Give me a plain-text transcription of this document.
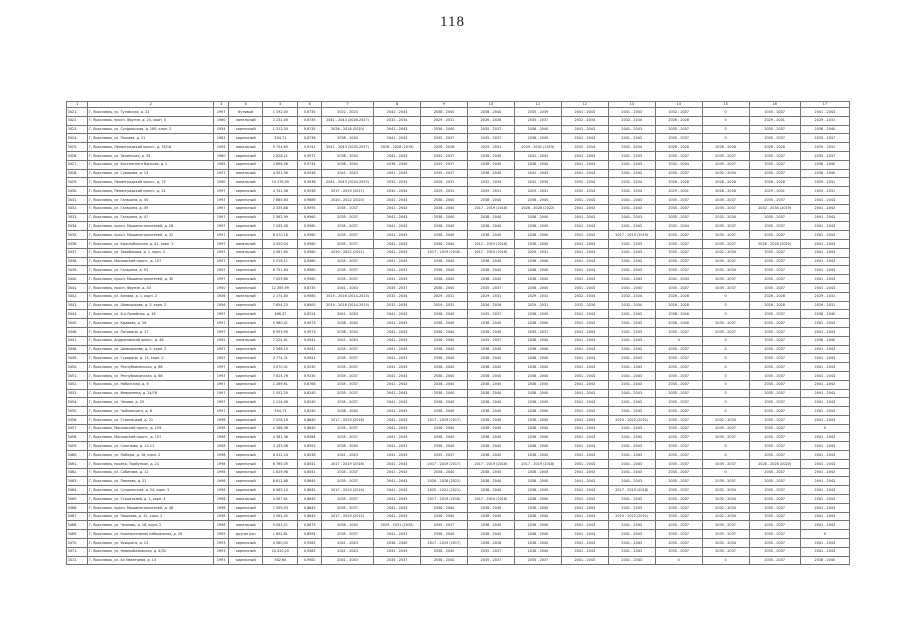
118
1	2	3	4	5	6	7	8	9	10	11	12	13	14	15	16	17
3421.	Г. Ярославль, ул. Туговская, д. 21	1997	бутовый	1 192,00	0,6735	2022 - 2023	2041 - 2043	2038 - 2040	2038 - 2040	2035 - 2039	2041 - 2043	2041 - 2043	2032 - 2037	0	2035 - 2037	2041 - 2043
3422.	Г. Ярославль, просп. Фрунзе, д. 24, корп. 3	1960	панельный	2 232,40	0,6735	2041 - 2043 (2026-2027)	2032 - 2034	2029 - 2031	2026 - 2028	2035 - 2037	2032 - 2034	2032 - 2034	2026 - 2028	0	2029 - 2031	2029 - 2031
3423.	Г. Ярославль, ул. Суздальская, д. 180, корп. 2	1934	кирпичный	1 312,00	0,6735	2026 - 2028 (2020)	2041 - 2043	2038 - 2040	2035 - 2037	2038 - 2040	2041 - 2043	2041 - 2043	2035 - 2037	0	2035 - 2037	2038 - 2040
3424.	Г. Ярославль, ул. Пожова, д. 21	1963	кирпичный	554,71	0,8736	2038 - 2040	2041 - 2043	2035 - 2037	2035 - 2037	2038 - 2040	2041 - 2043	2041 - 2043	2035 - 2037	0	2035 - 2037	2035 - 2037
3425.	Г. Ярославль, Ленинградский просп., д. 55/18	1995	панельный	9 754,60	0,9741	2041 - 2043 (2035-2037)	2026 - 2028 (2019)	2026 - 2028	2029 - 2031	2029 - 2031 (2019)	2032 - 2034	2032 - 2034	2026 - 2028	2026 - 2028	2026 - 2028	2029 - 2031
3426.	Г. Ярославль, ул. Зелинская, д. 35	1960	кирпичный	2 628,21	0,9572	2038 - 2040	2041 - 2043	2035 - 2037	2038 - 2040	2041 - 2043	2041 - 2043	2041 - 2043	2035 - 2037	2035 - 2037	2035 - 2037	2035 - 2037
3427.	Г. Ярославль, ул. Костанского Вансово, д. 2	1965	кирпичный	3 896,56	0,9734	2038 - 2040	2038 - 2040	2035 - 2037	2038 - 2040	2038 - 2040	2041 - 2043	2041 - 2043	2032 - 2034	2035 - 2037	2035 - 2037	2038 - 2040
3428.	Г. Ярославль, ул. Суворова, д. 13	1957	панельный	4 551,96	0,9536	2041 - 2043	2041 - 2043	2035 - 2037	2038 - 2040	2041 - 2043	2041 - 2043	2041 - 2043	2035 - 2037	2032 - 2034	2035 - 2037	2038 - 2040
3429.	Г. Ярославль, Ленинградский просп., д. 72	1990	панельный	14 376,90	0,9536	2041 - 2043 (2024-2025)	2032 - 2034	2029 - 2031	2032 - 2034	2032 - 2034	2032 - 2034	2032 - 2034	2026 - 2028	2026 - 2028	2026 - 2028	2029 - 2031
3430.	Г. Ярославль, Ленинградский просп., д. 21	1997	кирпичный	4 741,56	0,9538	2017 - 2019 (2017)	2032 - 2034	2029 - 2031	2029 - 2031	2029 - 2031	2032 - 2034	2032 - 2034	2029 - 2031	2026 - 2028	2029 - 2031	2029 - 2031
3431.	Г. Ярославль, ул. Гагарина, д. 45	1997	кирпичный	7 665,64	0,9886	2020 - 2022 (2020)	2041 - 2043	2038 - 2040	2038 - 2040	2038 - 2040	2041 - 2043	2041 - 2043	2035 - 2037	2035 - 2037	2035 - 2037	2041 - 2043
3432.	Г. Ярославль, ул. Гагарина, д. 49	1997	кирпичный	2 335,88	0,9595	2035 - 2037	2041 - 2043	2038 - 2040	2017 - 2019 (2018)	2026 - 2028 (2022)	2041 - 2043	2041 - 2043	2035 - 2037	2035 - 2037	2032 - 2034 (2019)	2041 - 2043
3433.	Г. Ярославль, ул. Гагарина, д. 47	1997	кирпичный	2 582,99	0,9560	2035 - 2037	2041 - 2043	2038 - 2040	2038 - 2040	2038 - 2040	2041 - 2043	2041 - 2043	2035 - 2037	2032 - 2034	2035 - 2037	2041 - 2043
3434.	Г. Ярославль, просп. Машиностроителей, д. 26	1997	кирпичный	7 035,48	0,9560	2035 - 2037	2041 - 2043	2038 - 2040	2038 - 2040	2038 - 2040	2041 - 2043	2041 - 2043	2032 - 2034	2035 - 2037	2035 - 2037	2041 - 2043
3435.	Г. Ярославль, просп. Машиностроителей, д. 32	1997	кирпичный	8 470,18	0,9560	2035 - 2037	2041 - 2043	2038 - 2040	2038 - 2040	2038 - 2040	2041 - 2043	2017 - 2019 (2019)	2035 - 2037	2035 - 2037	2035 - 2037	2041 - 2043
3436.	Г. Ярославль, ул. Красноборская, д. 41, корп. 2	1997	панельный	3 920,04	0,9560	2035 - 2037	2041 - 2043	2038 - 2040	2017 - 2019 (2018)	2038 - 2040	2041 - 2043	2041 - 2043	2035 - 2037	2035 - 2037	2026 - 2028 (2020)	2041 - 2043
3437.	Г. Ярославль, ул. Закабакова, д. 1, корп. 2	1997	панельный	3 467,80	0,9560	2020 - 2022 (2021)	2041 - 2043	2017 - 2019 (2018)	2017 - 2019 (2018)	2029 - 2031	2041 - 2043	2041 - 2043	2035 - 2037	2032 - 2034	2035 - 2037	2041 - 2043
3438.	Г. Ярославль, Московский просп., д. 157	1997	кирпичный	5 516,11	0,9560	2035 - 2037	2041 - 2043	2038 - 2040	2038 - 2040	2038 - 2040	2041 - 2043	2041 - 2043	2035 - 2037	2035 - 2037	2035 - 2037	2041 - 2043
3439.	Г. Ярославль, ул. Гагарина, д. 53	1997	кирпичный	6 751,84	0,9560	2035 - 2037	2041 - 2043	2038 - 2040	2038 - 2040	2038 - 2040	2041 - 2043	2041 - 2043	2035 - 2037	2032 - 2034	2035 - 2037	2041 - 2043
3440.	Г. Ярославль, просп. Машиностроителей, д. 30	1997	кирпичный	7 029,80	0,9560	2035 - 2037	2041 - 2043	2038 - 2040	2038 - 2040	2038 - 2040	2041 - 2043	2041 - 2043	2032 - 2034	2035 - 2037	2035 - 2037	2041 - 2043
3441.	Г. Ярославль, просп. Фрунзе, д. 43	1950	кирпичный	11 265,99	0,8735	2041 - 2043	2035 - 2037	2038 - 2040	2035 - 2037	2038 - 2040	2041 - 2043	2041 - 2043	2035 - 2037	2035 - 2037	2035 - 2037	2041 - 2043
3442.	Г. Ярославль, ул. Белова, д. 1, корп. 2	1956	панельный	2 174,80	0,9580	2014 - 2016 (2014-2015)	2032 - 2034	2029 - 2031	2029 - 2031	2029 - 2031	2032 - 2034	2032 - 2034	2026 - 2028	0	2026 - 2028	2029 - 2031
3443.	Г. Ярославль, ул. Шевкоркова, д. 3, корп. 2	1956	кирпичный	7 654,23	0,8400	2014 - 2016 (2014-2015)	2032 - 2034	2029 - 2031	2026 - 2028	2029 - 2031	2032 - 2034	2032 - 2034	2026 - 2028	0	2026 - 2028	2029 - 2031
3444.	Г. Ярославль, ул. 8-я Линейная, д. 18	1997	кирпичный	466,37	0,8224	2041 - 2043	2041 - 2043	2038 - 2040	2035 - 2037	2038 - 2040	2041 - 2043	2041 - 2043	2038 - 2040	0	2035 - 2037	2038 - 2040
3445.	Г. Ярославль, ул. Кривова, д. 26	1997	кирпичный	5 980,41	0,9573	2038 - 2040	2041 - 2043	2038 - 2040	2038 - 2040	2038 - 2040	2041 - 2043	2041 - 2043	2038 - 2040	2035 - 2037	2035 - 2037	2041 - 2043
3446.	Г. Ярославль, ул. Погорина, д. 27	1997	кирпичный	6 953,90	0,9573	2038 - 2040	2041 - 2043	2038 - 2040	2038 - 2040	2035 - 2037	2041 - 2043	2041 - 2043	2035 - 2037	2035 - 2037	2035 - 2037	2041 - 2043
3447.	Г. Ярославль, Андроповский просп., д. 48	1992	панельный	7 224,61	0,9541	2041 - 2043	2041 - 2043	2038 - 2040	2035 - 2037	2038 - 2040	2041 - 2043	2041 - 2043	0	0	2035 - 2037	2038 - 2040
3448.	Г. Ярославль, ул. Шевкоркова, д. 5, корп. 2	1997	кирпичный	2 548,10	0,9541	2035 - 2037	2041 - 2043	2038 - 2040	2038 - 2040	2038 - 2040	2041 - 2043	2041 - 2043	2035 - 2037	0	2035 - 2037	2041 - 2043
3449.	Г. Ярославль, ул. Гударина, д. 15, корп. 2	1997	кирпичный	3 774,31	0,9541	2035 - 2037	2041 - 2043	2038 - 2040	2038 - 2040	2038 - 2040	2041 - 2043	2041 - 2043	2035 - 2037	0	2035 - 2037	2041 - 2043
3450.	Г. Ярославль, ул. Республиканская, д. 66	1997	кирпичный	3 070,31	0,9230	2035 - 2037	2041 - 2043	2038 - 2040	2038 - 2040	2038 - 2040	2041 - 2043	2041 - 2043	2035 - 2037	0	2035 - 2037	2041 - 2043
3451.	Г. Ярославль, ул. Республиканская, д. 68	1997	кирпичный	7 814,76	0,9230	2035 - 2037	2041 - 2043	2038 - 2040	2038 - 2040	2038 - 2040	2041 - 2043	2041 - 2043	2035 - 2037	0	2035 - 2037	2041 - 2043
3452.	Г. Ярославль, ул. Нобкичная, д. 6	1997	кирпичный	1 289,61	0,8768	2035 - 2037	2041 - 2043	2038 - 2040	2038 - 2040	2038 - 2040	2041 - 2043	2041 - 2043	2035 - 2037	0	2035 - 2037	2041 - 2043
3453.	Г. Ярославль, ул. Февраленд, д. 24/76	1997	кирпичный	1 052,20	0,8240	2035 - 2037	2041 - 2043	2038 - 2040	2038 - 2040	2038 - 2040	2041 - 2043	2041 - 2043	2035 - 2037	0	2035 - 2037	2041 - 2043
3454.	Г. Ярославль, ул. Чехова, д. 25	1997	кирпичный	2 214,08	0,8240	2035 - 2037	2041 - 2043	2038 - 2040	2038 - 2040	2038 - 2040	2041 - 2043	2041 - 2043	2035 - 2037	0	2035 - 2037	2041 - 2043
3455.	Г. Ярославль, ул. Чайковского, д. 8	1997	кирпичный	554,71	0,8240	2038 - 2040	2041 - 2043	2038 - 2040	2038 - 2040	2038 - 2040	2041 - 2043	2041 - 2043	2035 - 2037	0	2035 - 2037	2041 - 2043
3456.	Г. Ярославль, ул. Стрелецкий, д. 21	1998	кирпичный	7 028,16	0,8640	2017 - 2019 (2018)	2041 - 2043	2017 - 2019 (2017)	2038 - 2040	2038 - 2040	2041 - 2043	2020 - 2022 (2021)	2035 - 2037	2032 - 2034	2035 - 2037	2041 - 2043
3457.	Г. Ярославль, Московский просп., д. 159	1998	кирпичный	4 268,38	0,8640	2035 - 2037	2041 - 2043	2038 - 2040	2038 - 2040	2038 - 2040	2041 - 2043	2041 - 2043	2035 - 2037	2035 - 2037	2035 - 2037	0
3458.	Г. Ярославль, Московский просп., д. 157	1998	кирпичный	4 381,38	0,8584	2035 - 2037	2041 - 2043	2038 - 2040	2038 - 2040	2038 - 2040	2041 - 2043	2041 - 2043	2035 - 2037	2035 - 2037	2035 - 2037	2041 - 2043
3459.	Г. Ярославль, ул. Слеплова, д. 13-11	1998	кирпичный	3 133,08	0,8552	2038 - 2040	2041 - 2043	2038 - 2040	2038 - 2040	2038 - 2040	2041 - 2043	2041 - 2043	2035 - 2037	0	2035 - 2037	2041 - 2043
3460.	Г. Ярославль, ул. Победы, д. 16, корп. 2	1998	кирпичный	6 412,24	0,8538	2041 - 2043	2041 - 2043	2035 - 2037	2038 - 2040	2038 - 2040	2041 - 2043	2041 - 2043	2035 - 2037	0	2035 - 2037	2041 - 2043
3461.	Г. Ярославль, проезд. Тадбункан, д. 21	1998	кирпичный	6 765,05	0,8541	2017 - 2019 (2018)	2041 - 2043	2017 - 2019 (2017)	2017 - 2019 (2018)	2017 - 2019 (2018)	2041 - 2043	2041 - 2043	2035 - 2037	2035 - 2037	2026 - 2028 (2020)	2041 - 2043
3462.	Г. Ярославль, ул. Собинова, д. 12	1998	кирпичный	1 629,98	0,8541	2035 - 2037	2041 - 2043	2038 - 2040	2038 - 2040	2038 - 2040	2041 - 2043	2041 - 2043	2035 - 2037	0	2035 - 2037	2041 - 2043
3463.	Г. Ярославль, ул. Павлова, д. 21	1998	кирпичный	8 612,88	0,8645	2035 - 2037	2041 - 2043	2026 - 2028 (2022)	2038 - 2040	2038 - 2040	2041 - 2043	2041 - 2043	2035 - 2037	2035 - 2037	2035 - 2037	2041 - 2043
3464.	Г. Ярославль, ул. Суздальская, д. 24, корп. 3	1998	кирпичный	8 985,10	0,8645	2017 - 2019 (2019)	2041 - 2043	2020 - 2022 (2021)	2038 - 2040	2038 - 2040	2041 - 2043	2017 - 2019 (2018)	2035 - 2037	2032 - 2034	2035 - 2037	2041 - 2043
3465.	Г. Ярославль, ул. Строителей, д. 1, корп. 4	1998	панельный	4 067,61	0,8645	2035 - 2037	2041 - 2043	2017 - 2019 (2018)	2017 - 2019 (2018)	2038 - 2040	2041 - 2043	2041 - 2043	2035 - 2037	2032 - 2034	2035 - 2037	2041 - 2043
3466.	Г. Ярославль, просп. Машиностроителей, д. 48	1998	кирпичный	7 559,53	0,8645	2035 - 2037	2041 - 2043	2038 - 2040	2038 - 2040	2038 - 2040	2041 - 2043	2041 - 2043	2035 - 2037	2032 - 2034	2035 - 2037	2041 - 2043
3467.	Г. Ярославль, ул. Пашкова, д. 12, корп. 2	1998	кирпичный	3 062,45	0,8645	2017 - 2019 (2015)	2041 - 2043	2038 - 2040	2038 - 2040	2038 - 2040	2041 - 2043	2020 - 2022 (2021)	2035 - 2037	2032 - 2034	2035 - 2037	2041 - 2043
3468.	Г. Ярославль, ул. Чкалова, д. 16, корп. 2	1998	панельный	9 043,21	0,8675	2038 - 2040	2029 - 2031 (2030)	2035 - 2037	2038 - 2040	2038 - 2040	2041 - 2043	2041 - 2043	2035 - 2037	2035 - 2037	2035 - 2037	2041 - 2043
3469.	Г. Ярославль, ул. Кооперативная набережная, д. 26	1999	другое кон	1 852,81	0,8594	2035 - 2037	2041 - 2043	2038 - 2040	2038 - 2040	2038 - 2040	2041 - 2043	2041 - 2043	2035 - 2037	2035 - 2037	2035 - 2037	0
3470.	Г. Ярославль, ул. Урицкого, д. 23	1993	кирпичный	4 580,05	0,9582	2041 - 2043	2038 - 2040	2017 - 2019 (2017)	2026 - 2028	2038 - 2040	2041 - 2043	2041 - 2043	2035 - 2037	2032 - 2034	2035 - 2037	2041 - 2043
3471.	Г. Ярославль, ул. Неверобазовская, д. 4/34	1993	кирпичный	10 020,20	0,9582	2041 - 2043	2041 - 2043	2038 - 2040	2035 - 2037	2038 - 2040	2041 - 2043	2041 - 2043	2035 - 2037	2035 - 2037	2035 - 2037	2041 - 2043
3472.	Г. Ярославль, ул. Бн Ивантаева, д. 14	1993	кирпичный	582,64	0,9582	2041 - 2043	2035 - 2037	2038 - 2040	2035 - 2037	2035 - 2037	2041 - 2043	2041 - 2043	0	0	2035 - 2037	2038 - 2040
